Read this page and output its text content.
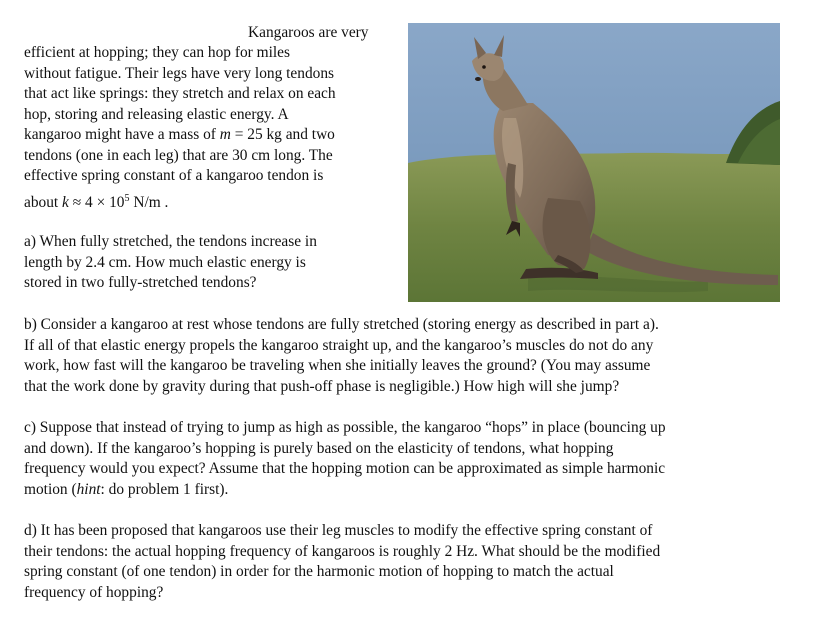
Kangaroos are very

efficient at hopping; they can hop for miles

without fatigue. Their legs have very long tendons

that act like springs: they stretch and relax on each

hop, storing and releasing elastic energy. A

kangaroo might have a mass of m = 25 kg and two

tendons (one in each leg) that are 30 cm long. The

effective spring constant of a kangaroo tendon is

about $k \approx 4 \times 10^5$ N/m .

a) When fully stretched, the tendons increase in

length by 2.4 cm. How much elastic energy is

stored in two fully-stretched tendons?

b) Consider a kangaroo at rest whose tendons are fully stretched (storing energy as described in part a).
If all of that elastic energy propels the kangaroo straight up, and the kangaroo’s muscles do not do any
work, how fast will the kangaroo be traveling when she initially leaves the ground? (You may assume
that the work done by gravity during that push-off phase is negligible.) How high will she jump?
c) Suppose that instead of trying to jump as high as possible, the kangaroo “hops” in place (bouncing up
and down). If the kangaroo’s hopping is purely based on the elasticity of tendons, what hopping
frequency would you expect? Assume that the hopping motion can be approximated as simple harmonic
motion (hint: do problem 1 first).
d) It has been proposed that kangaroos use their leg muscles to modify the effective spring constant of
their tendons: the actual hopping frequency of kangaroos is roughly 2 Hz. What should be the modified
spring constant (of one tendon) in order for the harmonic motion of hopping to match the actual
frequency of hopping?
